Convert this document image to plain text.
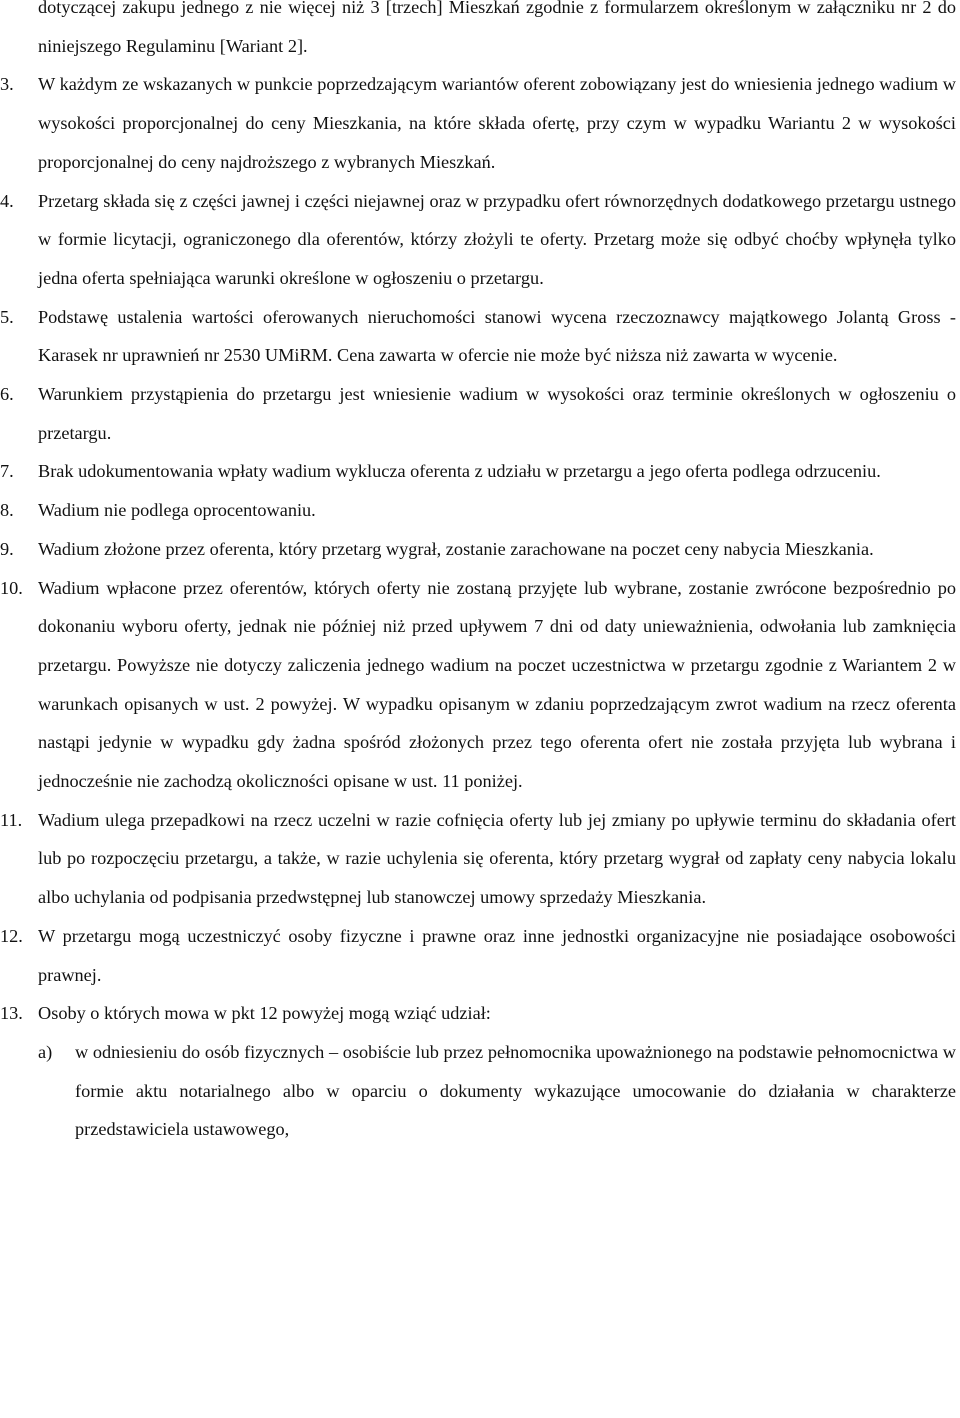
dotyczącej zakupu jednego z nie więcej niż 3 [trzech] Mieszkań zgodnie z formularzem określonym w załączniku nr 2 do niniejszego Regulaminu [Wariant 2].

3. W każdym ze wskazanych w punkcie poprzedzającym wariantów oferent zobowiązany jest do wniesienia jednego wadium w wysokości proporcjonalnej do ceny Mieszkania, na które składa ofertę, przy czym w wypadku Wariantu 2 w wysokości proporcjonalnej do ceny najdroższego z wybranych Mieszkań.
4. Przetarg składa się z części jawnej i części niejawnej oraz w przypadku ofert równorzędnych dodatkowego przetargu ustnego w formie licytacji, ograniczonego dla oferentów, którzy złożyli te oferty. Przetarg może się odbyć choćby wpłynęła tylko jedna oferta spełniająca warunki określone w ogłoszeniu o przetargu.
5. Podstawę ustalenia wartości oferowanych nieruchomości stanowi wycena rzeczoznawcy majątkowego Jolantą Gross - Karasek nr uprawnień nr 2530 UMiRM. Cena zawarta w ofercie nie może być niższa niż zawarta w wycenie.
6. Warunkiem przystąpienia do przetargu jest wniesienie wadium w wysokości oraz terminie określonych w ogłoszeniu o przetargu.
7. Brak udokumentowania wpłaty wadium wyklucza oferenta z udziału w przetargu a jego oferta podlega odrzuceniu.
8. Wadium nie podlega oprocentowaniu.
9. Wadium złożone przez oferenta, który przetarg wygrał, zostanie zarachowane na poczet ceny nabycia Mieszkania.
10. Wadium wpłacone przez oferentów, których oferty nie zostaną przyjęte lub wybrane, zostanie zwrócone bezpośrednio po dokonaniu wyboru oferty, jednak nie później niż przed upływem 7 dni od daty unieważnienia, odwołania lub zamknięcia przetargu. Powyższe nie dotyczy zaliczenia jednego wadium na poczet uczestnictwa w przetargu zgodnie z Wariantem 2 w warunkach opisanych w ust. 2 powyżej. W wypadku opisanym w zdaniu poprzedzającym zwrot wadium na rzecz oferenta nastąpi jedynie w wypadku gdy żadna spośród złożonych przez tego oferenta ofert nie została przyjęta lub wybrana i jednocześnie nie zachodzą okoliczności opisane w ust. 11 poniżej.
11. Wadium ulega przepadkowi na rzecz uczelni w razie cofnięcia oferty lub jej zmiany po upływie terminu do składania ofert lub po rozpoczęciu przetargu, a także, w razie uchylenia się oferenta, który przetarg wygrał od zapłaty ceny nabycia lokalu albo uchylania od podpisania przedwstępnej lub stanowczej umowy sprzedaży Mieszkania.
12. W przetargu mogą uczestniczyć osoby fizyczne i prawne oraz inne jednostki organizacyjne nie posiadające osobowości prawnej.
13. Osoby o których mowa w pkt 12 powyżej mogą wziąć udział:
a) w odniesieniu do osób fizycznych – osobiście lub przez pełnomocnika upoważnionego na podstawie pełnomocnictwa w formie aktu notarialnego albo w oparciu o dokumenty wykazujące umocowanie do działania w charakterze przedstawiciela ustawowego,
